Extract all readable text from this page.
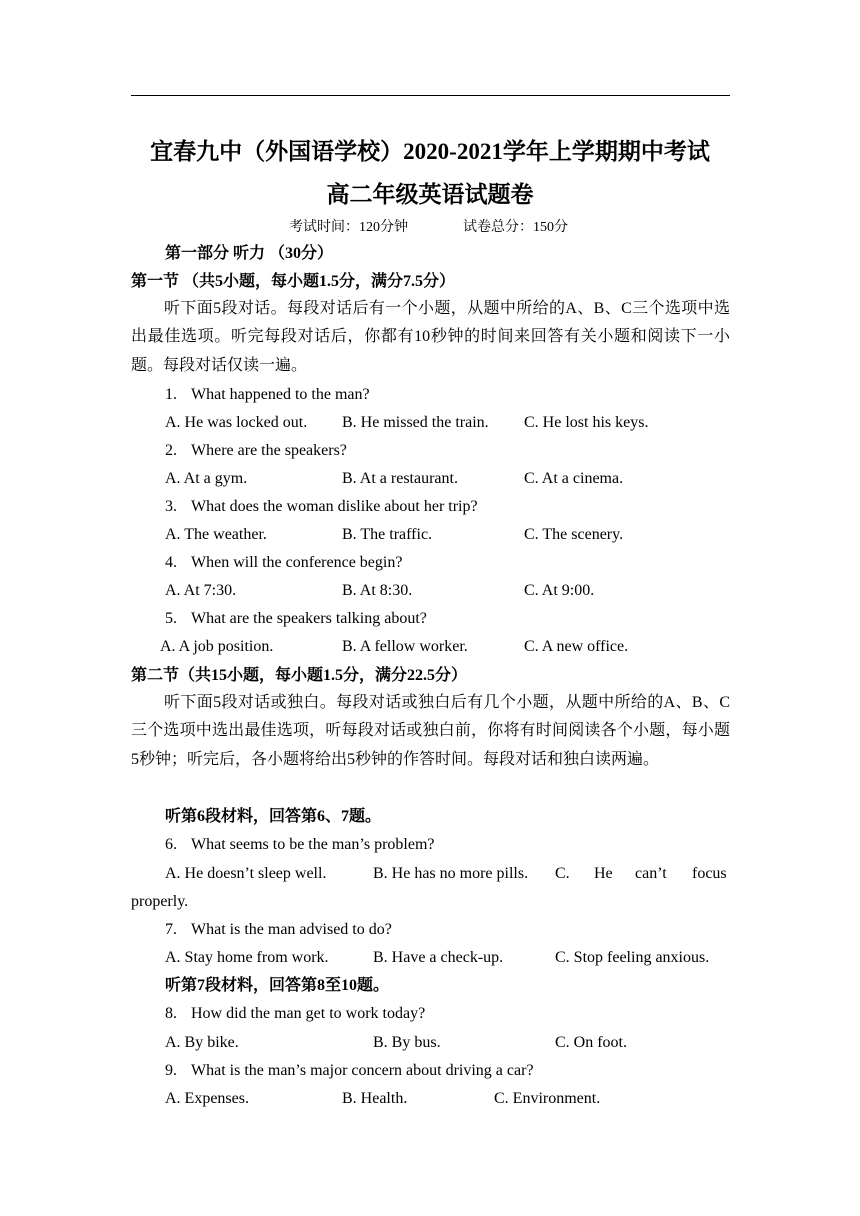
宜春九中（外国语学校）2020-2021学年上学期期中考试
高二年级英语试题卷
考试时间：120分钟	试卷总分：150分
第一部分 听力 （30分）
第一节 （共5小题，每小题1.5分，满分7.5分）
听下面5段对话。每段对话后有一个小题，从题中所给的A、B、C三个选项中选出最佳选项。听完每段对话后，你都有10秒钟的时间来回答有关小题和阅读下一小题。每段对话仅读一遍。
1. What happened to the man?
A. He was locked out. B. He missed the train. C. He lost his keys.
2. Where are the speakers?
A. At a gym.	B. At a restaurant.	C. At a cinema.
3. What does the woman dislike about her trip?
A. The weather.	B. The traffic.	C. The scenery.
4. When will the conference begin?
A. At 7:30.	B. At 8:30.	C. At 9:00.
5. What are the speakers talking about?
A. A job position.	B. A fellow worker.	C. A new office.
第二节（共15小题，每小题1.5分，满分22.5分）
听下面5段对话或独白。每段对话或独白后有几个小题，从题中所给的A、B、C三个选项中选出最佳选项，听每段对话或独白前，你将有时间阅读各个小题，每小题5秒钟；听完后，各小题将给出5秒钟的作答时间。每段对话和独白读两遍。
听第6段材料，回答第6、7题。
6. What seems to be the man’s problem?
A. He doesn’t sleep well.	B. He has no more pills. C. He can’t focus
properly.
7. What is the man advised to do?
A. Stay home from work.	B. Have a check-up.	C. Stop feeling anxious.
听第7段材料，回答第8至10题。
8. How did the man get to work today?
A. By bike.	B. By bus.	C. On foot.
9. What is the man’s major concern about driving a car?
A. Expenses.	B. Health.	C. Environment.
